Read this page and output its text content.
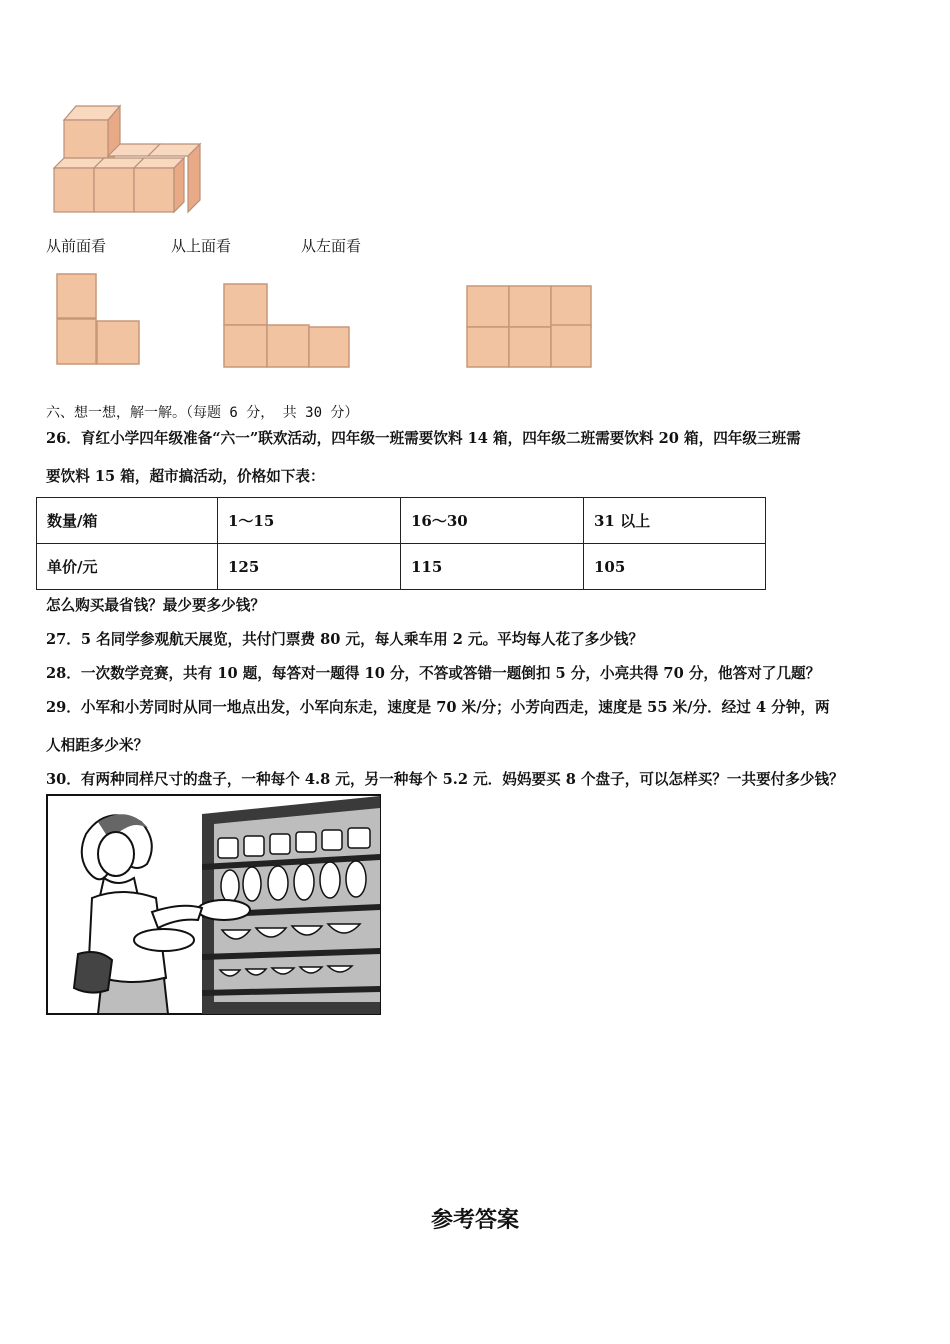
从前面看	从上面看	从左面看
六、想一想，解一解。（每题 6 分， 共 30 分）
26．育红小学四年级准备“六一”联欢活动，四年级一班需要饮料 14 箱，四年级二班需要饮料 20 箱，四年级三班需
要饮料 15 箱，超市搞活动，价格如下表：
数量/箱	1～15	16～30	31 以上
单价/元	125	115	105
怎么购买最省钱？最少要多少钱？
27．5 名同学参观航天展览，共付门票费 80 元，每人乘车用 2 元。平均每人花了多少钱？
28．一次数学竞赛，共有 10 题，每答对一题得 10 分，不答或答错一题倒扣 5 分，小亮共得 70 分，他答对了几题？
29．小军和小芳同时从同一地点出发，小军向东走，速度是 70 米/分；小芳向西走，速度是 55 米/分．经过 4 分钟，两
人相距多少米？
30．有两种同样尺寸的盘子，一种每个 4.8 元，另一种每个 5.2 元．妈妈要买 8 个盘子，可以怎样买？一共要付多少钱？
参考答案
